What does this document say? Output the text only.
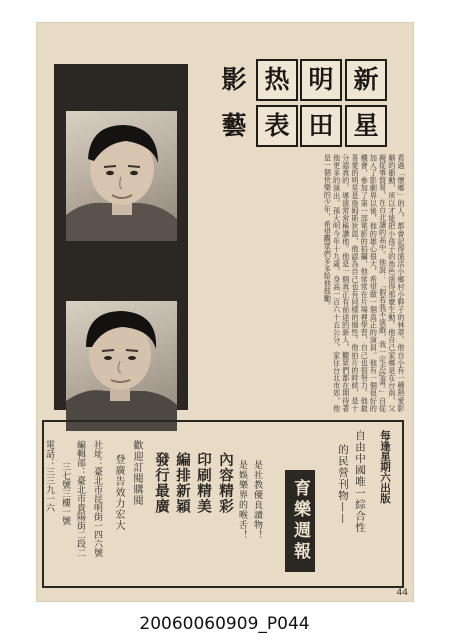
新
明
热
影
星
田
表
藝
看過「懷鄉」的人，都會記得演活小鄉村小夥子的林翠。他自小有一種熱愛影劇的衝動，所以才能把小孩子的角色演得那麼生動。他自己家鄉是在台南，父親從事貿易，在台北讀的高中。他說：「假若我不演戲，我一定去唸書。」自從加入了影劇界以後，他的雄心很大，希望做一個真正的演員。他有一個很好的機會，參加了第一部電影的拍攝，他常常在片場裡學習，自己也很努力。他最喜愛的明星是詹姆斯狄恩，他認為自己也有同樣的個性。他拍片的時候，是十分認真的，導演常常稱讚他。他是一個真正有前途的新人，觀眾們都在期待著他更多的演出。孫大明今年十九歲，身高一百六十五公分，家住台北市郊，他是一個快樂的少年，希望觀眾們多多給他鼓勵。
每逢星期六出版
自由中國唯一綜合性
的民營刊物——
育樂週報
是社教優良讀物！
是娛樂界的喉舌！
內容精彩
印刷精美
編排新穎
發行最廣
歡迎訂閱購閱
登廣告效力宏大
社址：臺北市昆明街一四六號
編輯部：臺北市貴陽街二段二
三七號三樓一號
電話：三三九一六
44
20060060909_P044
